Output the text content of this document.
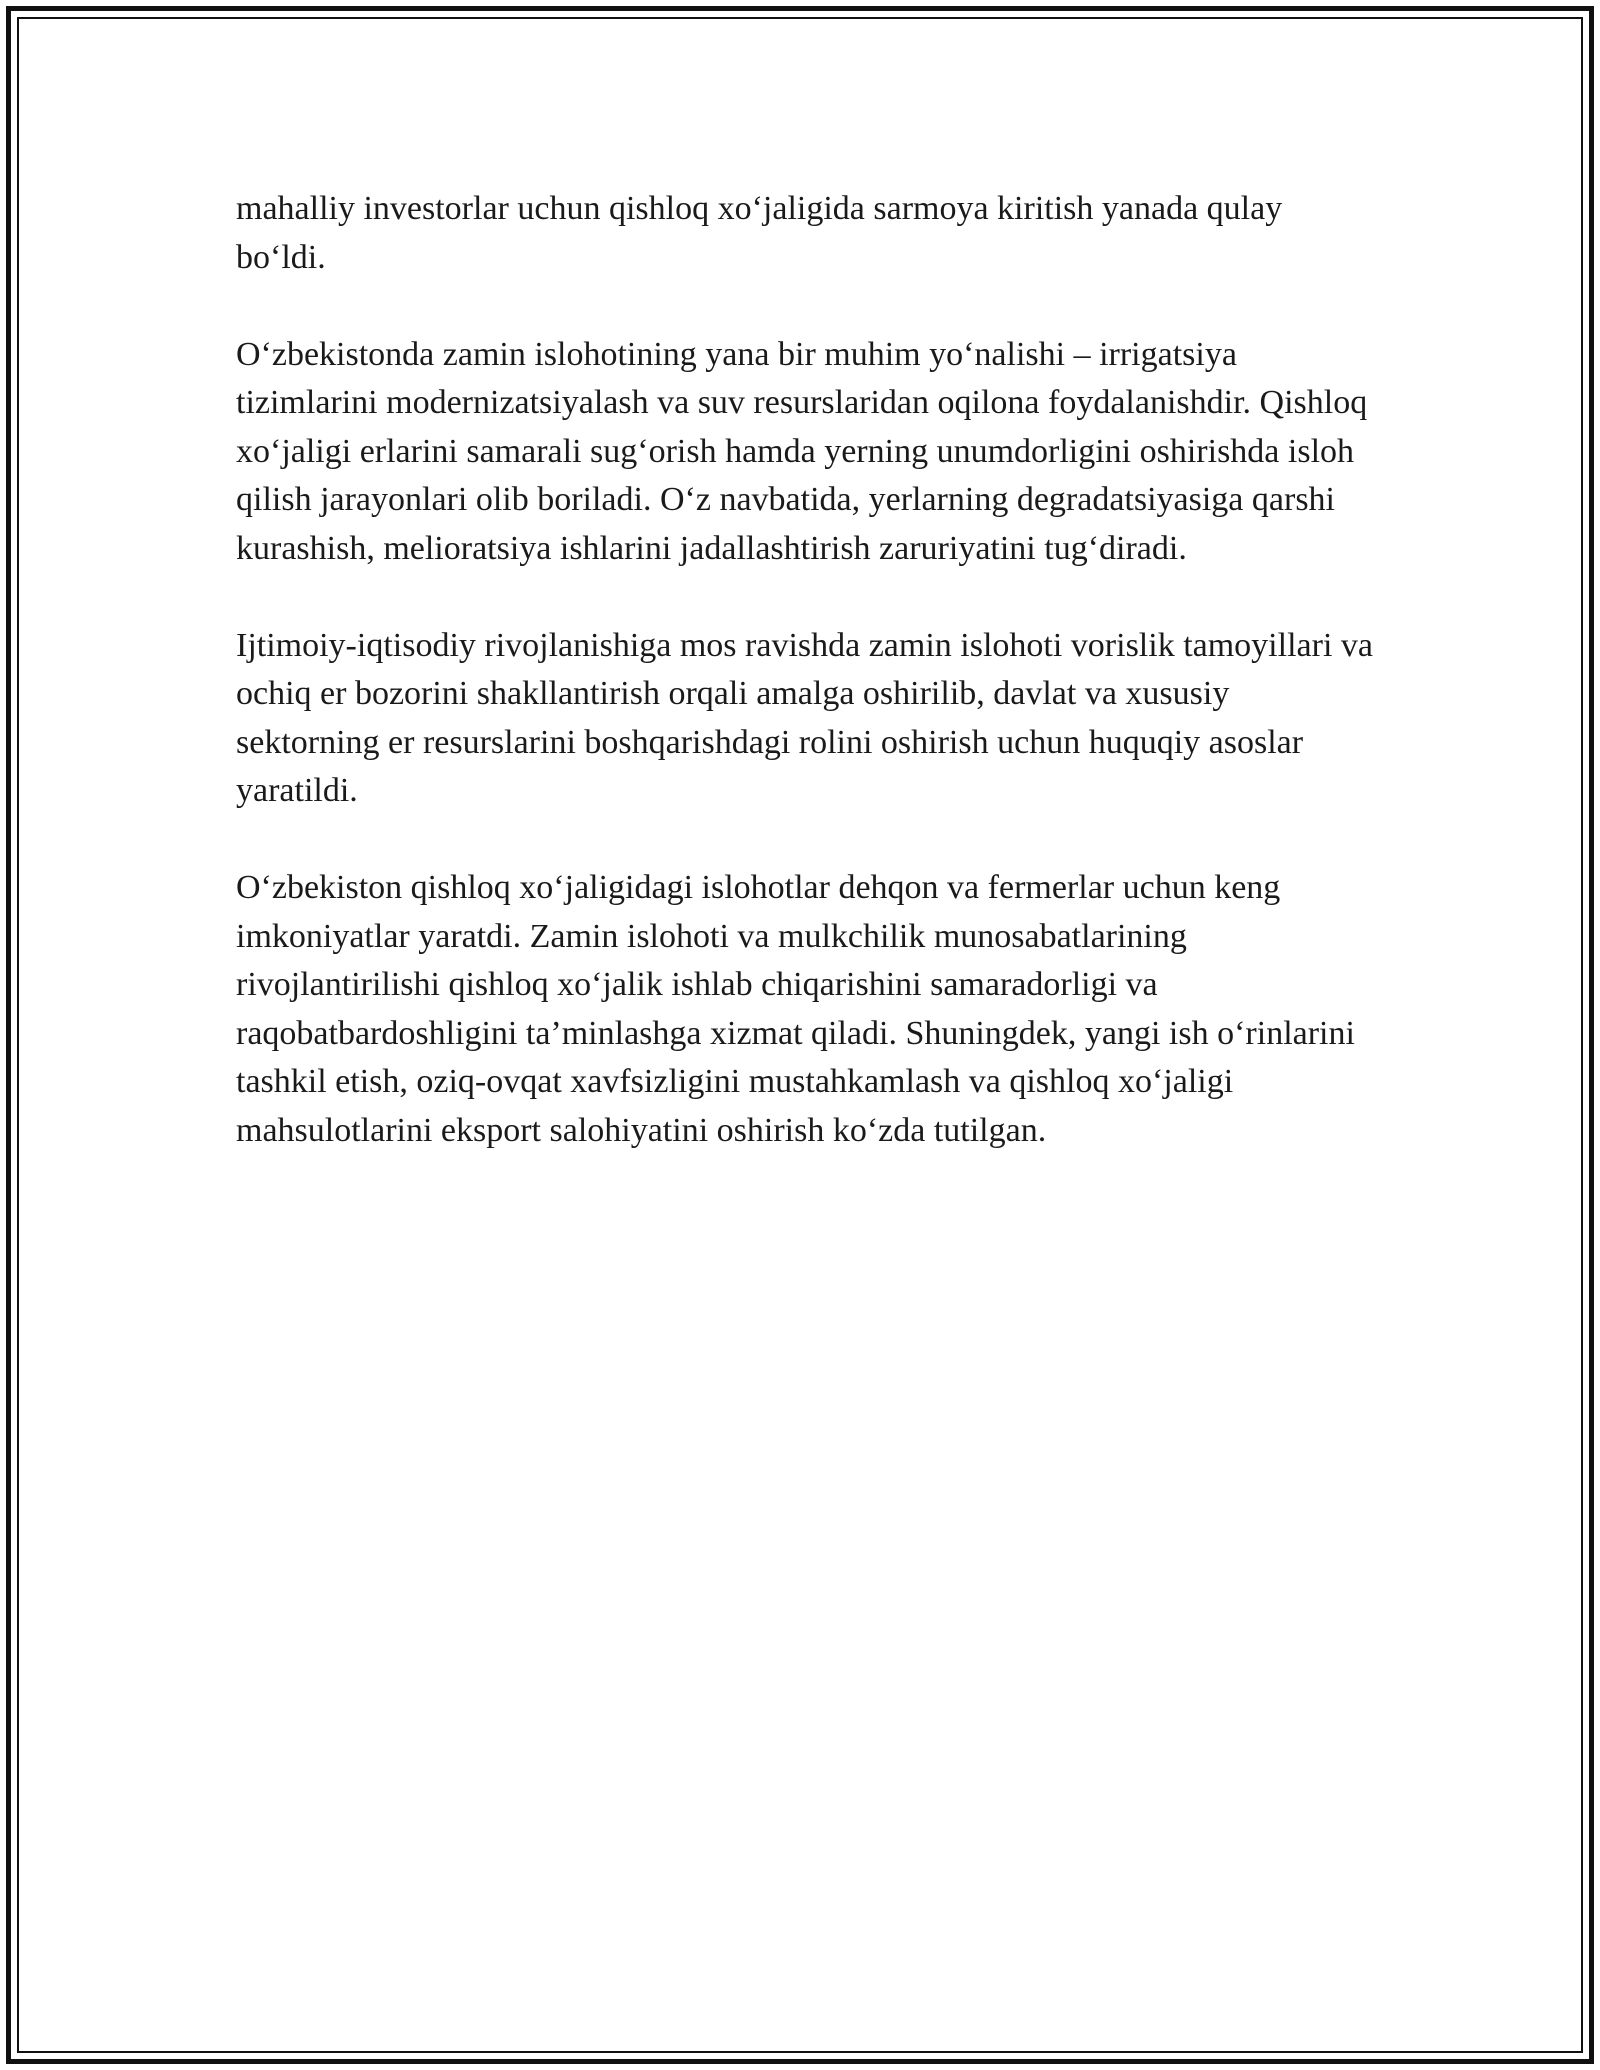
mahalliy investorlar uchun qishloq xo‘jaligida sarmoya kiritish yanada qulay bo‘ldi.

O‘zbekistonda zamin islohotining yana bir muhim yo‘nalishi – irrigatsiya tizimlarini modernizatsiyalash va suv resurslaridan oqilona foydalanishdir. Qishloq xo‘jaligi erlarini samarali sug‘orish hamda yerning unumdorligini oshirishda isloh qilish jarayonlari olib boriladi. O‘z navbatida, yerlarning degradatsiyasiga qarshi kurashish, melioratsiya ishlarini jadallashtirish zaruriyatini tug‘diradi.

Ijtimoiy-iqtisodiy rivojlanishiga mos ravishda zamin islohoti vorislik tamoyillari va ochiq er bozorini shakllantirish orqali amalga oshirilib, davlat va xususiy sektorning er resurslarini boshqarishdagi rolini oshirish uchun huquqiy asoslar yaratildi.

O‘zbekiston qishloq xo‘jaligidagi islohotlar dehqon va fermerlar uchun keng imkoniyatlar yaratdi. Zamin islohoti va mulkchilik munosabatlarining rivojlantirilishi qishloq xo‘jalik ishlab chiqarishini samaradorligi va raqobatbardoshligini ta’minlashga xizmat qiladi. Shuningdek, yangi ish o‘rinlarini tashkil etish, oziq-ovqat xavfsizligini mustahkamlash va qishloq xo‘jaligi mahsulotlarini eksport salohiyatini oshirish ko‘zda tutilgan.
